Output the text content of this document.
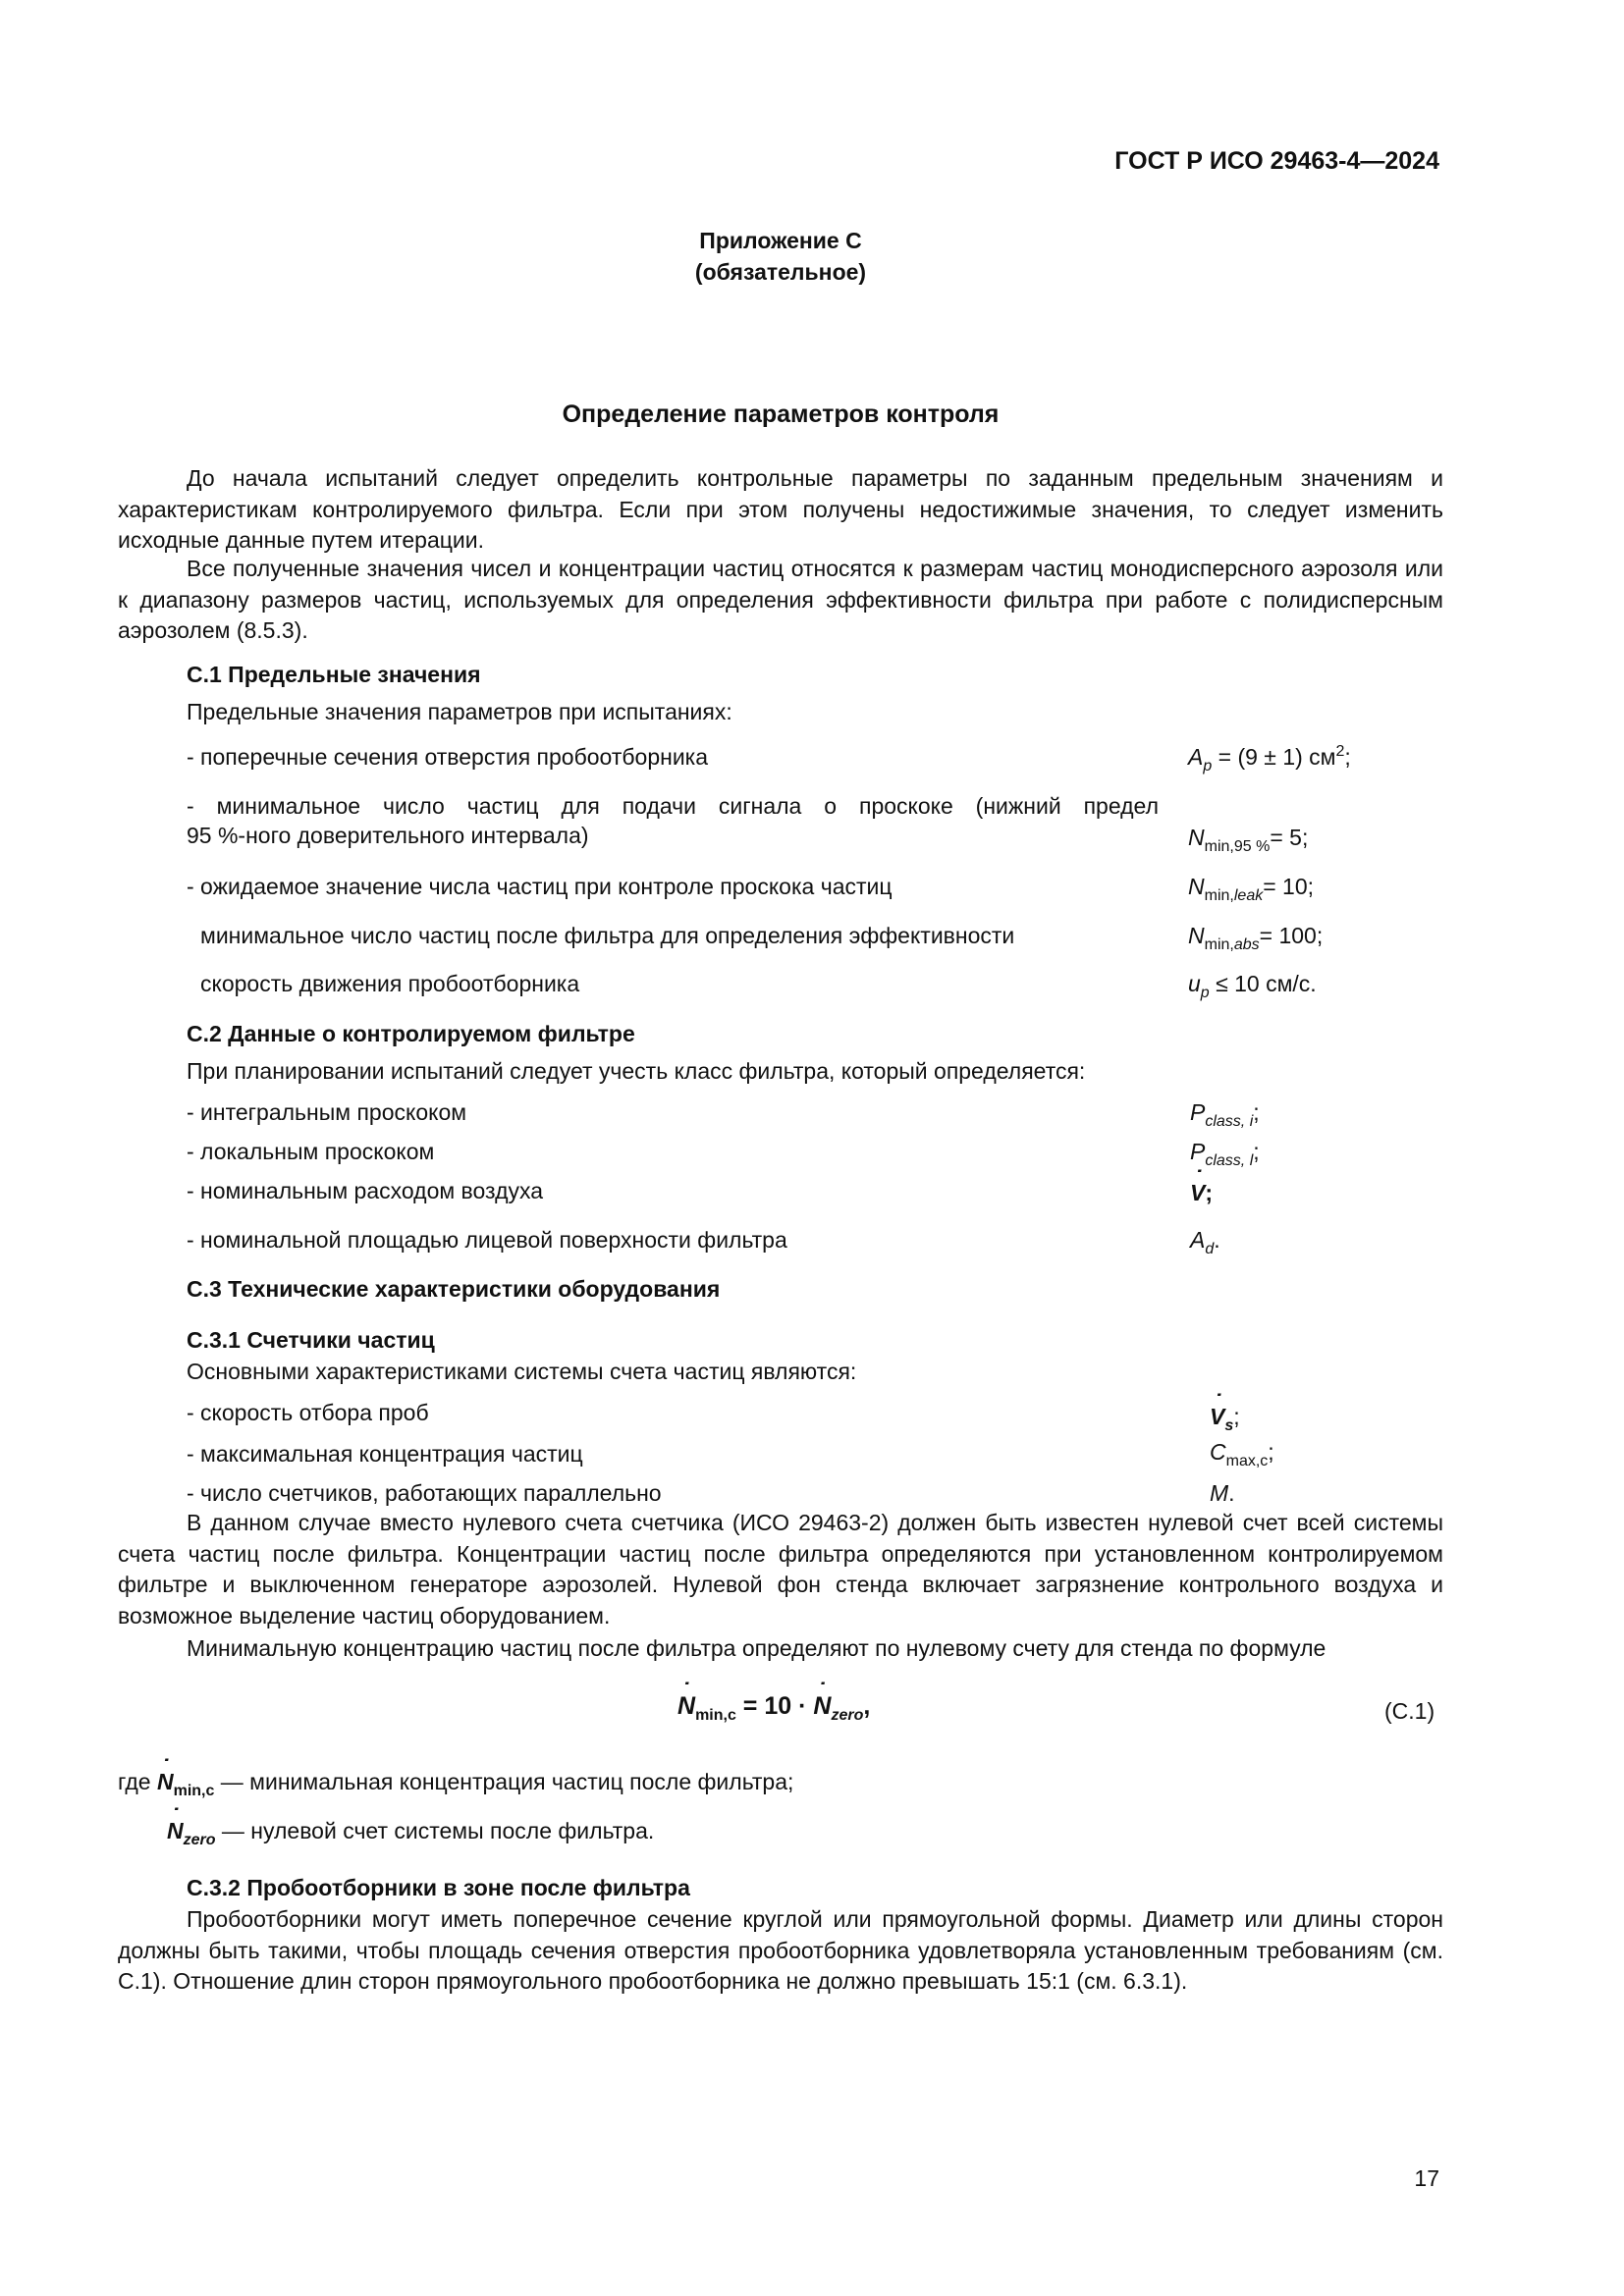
ГОСТ Р ИСО 29463-4—2024
Приложение С
(обязательное)
Определение параметров контроля
До начала испытаний следует определить контрольные параметры по заданным предельным значениям и характеристикам контролируемого фильтра. Если при этом получены недостижимые значения, то следует изменить исходные данные путем итерации.
Все полученные значения чисел и концентрации частиц относятся к размерам частиц монодисперсного аэрозоля или к диапазону размеров частиц, используемых для определения эффективности фильтра при работе с полидисперсным аэрозолем (8.5.3).
С.1 Предельные значения
Предельные значения параметров при испытаниях:
- поперечные сечения отверстия пробоотборника	$A_p = (9 \pm 1)$ $см^2$;
- минимальное число частиц для подачи сигнала о проскоке (нижний предел
95 %-ного доверительного интервала)	$N_{min,95 \%}= 5$;
- ожидаемое значение числа частиц при контроле проскока частиц	$N_{min,leak}= 10$;
минимальное число частиц после фильтра для определения эффективности	$N_{min,abs}= 100$;
скорость движения пробоотборника	$u_p \le 10$ см/с.
С.2 Данные о контролируемом фильтре
При планировании испытаний следует учесть класс фильтра, который определяется:
- интегральным проскоком	$P_{class, i}$;
- локальным проскоком	$P_{class, l}$;
- номинальным расходом воздуха	˙ V;
- номинальной площадью лицевой поверхности фильтра	$A_d$.
С.3 Технические характеристики оборудования
С.3.1 Счетчики частиц
Основными характеристиками системы счета частиц являются:
- скорость отбора проб	˙ $V_s$;
- максимальная концентрация частиц	$C_{max,c}$;
- число счетчиков, работающих параллельно	M.
В данном случае вместо нулевого счета счетчика (ИСО 29463-2) должен быть известен нулевой счет всей системы счета частиц после фильтра. Концентрации частиц после фильтра определяются при установленном контролируемом фильтре и выключенном генераторе аэрозолей. Нулевой фон стенда включает загрязнение контрольного воздуха и возможное выделение частиц оборудованием.
Минимальную концентрацию частиц после фильтра определяют по нулевому счету для стенда по формуле
˙ $N_{min,c} = 10$ · ˙ $N_{zero}$,	(С.1)
где ˙ $N_{min,c}$ — минимальная концентрация частиц после фильтра;
˙ $N_{zero}$ — нулевой счет системы после фильтра.
С.3.2 Пробоотборники в зоне после фильтра
Пробоотборники могут иметь поперечное сечение круглой или прямоугольной формы. Диаметр или длины сторон должны быть такими, чтобы площадь сечения отверстия пробоотборника удовлетворяла установленным требованиям (см. С.1). Отношение длин сторон прямоугольного пробоотборника не должно превышать 15:1 (см. 6.3.1).
17
